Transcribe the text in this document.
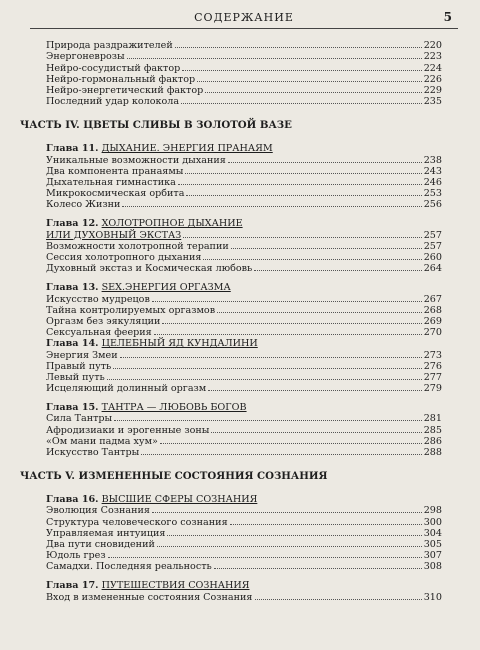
СОДЕРЖАНИЕ	5
Природа раздражителей	220
Энергоневрозы	223
Нейро-сосудистый фактор	224
Нейро-гормональный фактор	226
Нейро-энергетический фактор	229
Последний удар колокола	235
ЧАСТЬ IV. ЦВЕТЫ СЛИВЫ В ЗОЛОТОЙ ВАЗЕ
Глава 11. ДЫХАНИЕ. ЭНЕРГИЯ ПРАНАЯМ
Уникальные возможности дыхания	238
Два компонента пранаямы	243
Дыхательная гимнастика	246
Микрокосмическая орбита	253
Колесо Жизни	256
Глава 12. ХОЛОТРОПНОЕ ДЫХАНИЕ
ИЛИ ДУХОВНЫЙ ЭКСТАЗ	257
Возможности холотропной терапии	257
Сессия холотропного дыхания	260
Духовный экстаз и Космическая любовь	264
Глава 13. SEX.ЭНЕРГИЯ ОРГАЗМА
Искусство мудрецов	267
Тайна контролируемых оргазмов	268
Оргазм без эякуляции	269
Сексуальная феерия	270
Глава 14. ЦЕЛЕБНЫЙ ЯД КУНДАЛИНИ
Энергия Змеи	273
Правый путь	276
Левый путь	277
Исцеляющий долинный оргазм	279
Глава 15. ТАНТРА — ЛЮБОВЬ БОГОВ
Сила Тантры	281
Афродизиаки и эрогенные зоны	285
«Ом мани падма хум»	286
Искусство Тантры	288
ЧАСТЬ V. ИЗМЕНЕННЫЕ СОСТОЯНИЯ СОЗНАНИЯ
Глава 16. ВЫСШИЕ СФЕРЫ СОЗНАНИЯ
Эволюция Сознания	298
Структура человеческого сознания	300
Управляемая интуиция	304
Два пути сновидений	305
Юдоль грез	307
Самадхи. Последняя реальность	308
Глава 17. ПУТЕШЕСТВИЯ СОЗНАНИЯ
Вход в измененные состояния Сознания	310
